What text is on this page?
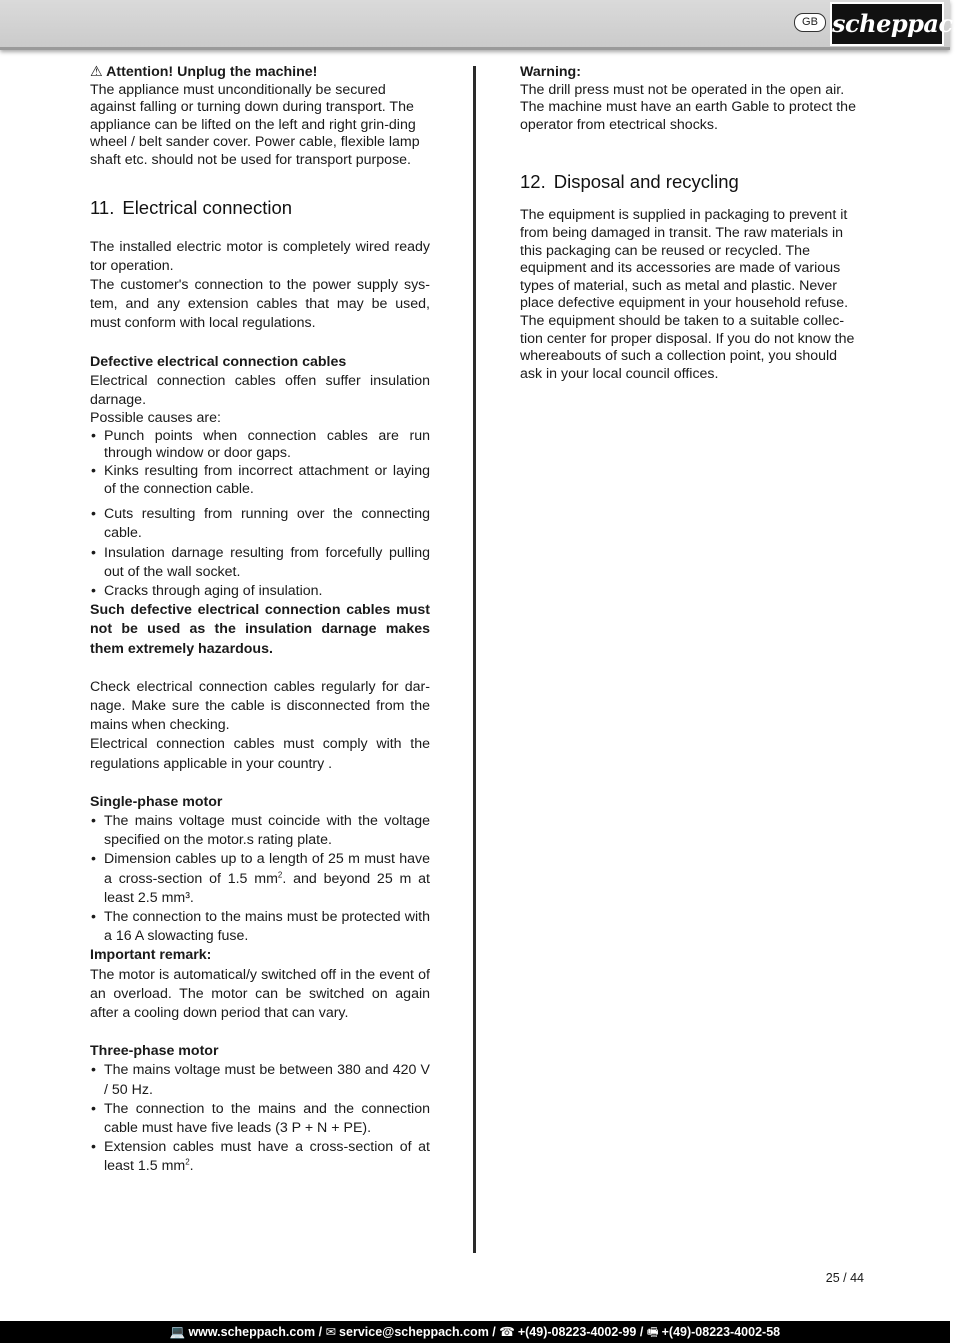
GB scheppach

⚠ Attention! Unplug the machine!

The appliance must unconditionally be secured against falling or turning down during transport. The appliance can be lifted on the left and right grin-ding wheel / belt sander cover. Power cable, flexible lamp shaft etc. should not be used for transport purpose.

11. Electrical connection

The installed electric motor is completely wired ready tor operation.

The customer's connection to the power supply sys-tem, and any extension cables that may be used, must conform with local regulations.

Defective electrical connection cables

Electrical connection cables offen suffer insulation darnage.

Possible causes are:

• Punch points when connection cables are run through window or door gaps.
• Kinks resulting from incorrect attachment or laying of the connection cable.
• Cuts resulting from running over the connecting cable.
• Insulation darnage resulting from forcefully pulling out of the wall socket.
• Cracks through aging of insulation.

Such defective electrical connection cables must not be used as the insulation darnage makes them extremely hazardous.

Check electrical connection cables regularly for dar-nage. Make sure the cable is disconnected from the mains when checking.

Electrical connection cables must comply with the regulations applicable in your country .

Single-phase motor

• The mains voltage must coincide with the voltage specified on the motor.s rating plate.
• Dimension cables up to a length of 25 m must have a cross-section of 1.5 $mm^2$. and beyond 25 m at least 2.5 mm³.
• The connection to the mains must be protected with a 16 A slowacting fuse.

Important remark:

The motor is automatical/y switched off in the event of an overload. The motor can be switched on again after a cooling down period that can vary.

Three-phase motor

• The mains voltage must be between 380 and 420 V / 50 Hz.
• The connection to the mains and the connection cable must have five leads (3 P + N + PE).
• Extension cables must have a cross-section of at least 1.5 $mm^2$.

Warning:

The drill press must not be operated in the open air. The machine must have an earth Gable to protect the operator from etectrical shocks.

12. Disposal and recycling

The equipment is supplied in packaging to prevent it from being damaged in transit. The raw materials in this packaging can be reused or recycled. The equipment and its accessories are made of various types of material, such as metal and plastic. Never place defective equipment in your household refuse. The equipment should be taken to a suitable collec-tion center for proper disposal. If you do not know the whereabouts of such a collection point, you should ask in your local council offices.

25 / 44
💻 www.scheppach.com / ✉ service@scheppach.com / ☎ +(49)-08223-4002-99 / 🖷 +(49)-08223-4002-58
